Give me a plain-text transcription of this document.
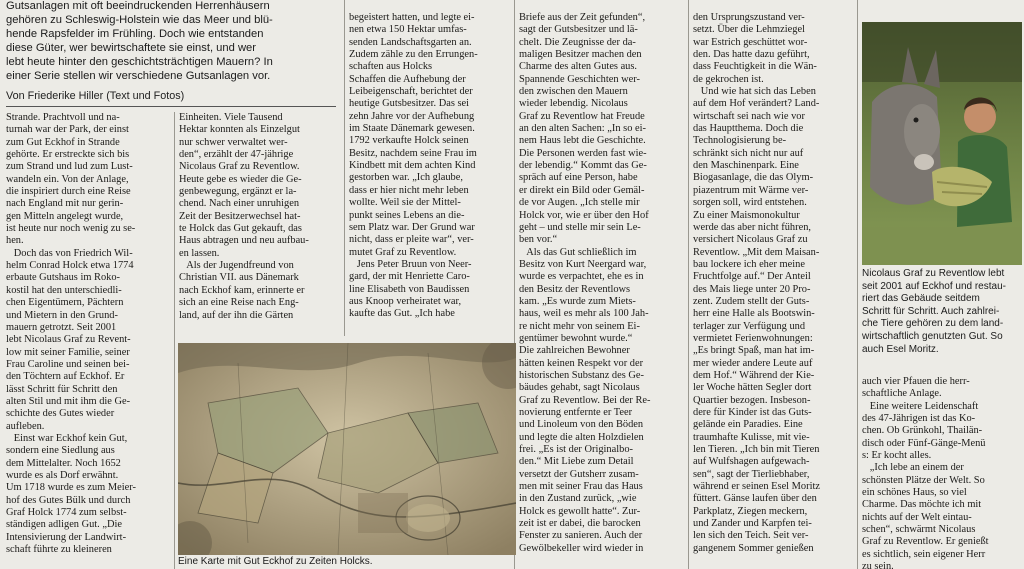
Gutsanlagen mit oft beeindruckenden Herrenhäusern
gehören zu Schleswig-Holstein wie das Meer und blü-
hende Rapsfelder im Frühling. Doch wie entstanden
diese Güter, wer bewirtschaftete sie einst, und wer
lebt heute hinter den geschichtsträchtigen Mauern? In
einer Serie stellen wir verschiedene Gutsanlagen vor.
Von Friederike Hiller (Text und Fotos)
Strande. Prachtvoll und na-
turnah war der Park, der einst
zum Gut Eckhof in Strande
gehörte. Er erstreckte sich bis
zum Strand und lud zum Lust-
wandeln ein. Von der Anlage,
die inspiriert durch eine Reise
nach England mit nur gerin-
gen Mitteln angelegt wurde,
ist heute nur noch wenig zu se-
hen.
Doch das von Friedrich Wil-
helm Conrad Holck etwa 1774
erbaute Gutshaus im Roko-
kostil hat den unterschiedli-
chen Eigentümern, Pächtern
und Mietern in den Grund-
mauern getrotzt. Seit 2001
lebt Nicolaus Graf zu Revent-
low mit seiner Familie, seiner
Frau Caroline und seinen bei-
den Töchtern auf Eckhof. Er
lässt Schritt für Schritt den
alten Stil und mit ihm die Ge-
schichte des Gutes wieder
aufleben.
Einst war Eckhof kein Gut,
sondern eine Siedlung aus
dem Mittelalter. Noch 1652
wurde es als Dorf erwähnt.
Um 1718 wurde es zum Meier-
hof des Gutes Bülk und durch
Graf Holck 1774 zum selbst-
ständigen adligen Gut. „Die
Intensivierung der Landwirt-
schaft führte zu kleineren
Einheiten. Viele Tausend
Hektar konnten als Einzelgut
nur schwer verwaltet wer-
den“, erzählt der 47-jährige
Nicolaus Graf zu Reventlow.
Heute gebe es wieder die Ge-
genbewegung, ergänzt er la-
chend. Nach einer unruhigen
Zeit der Besitzerwechsel hat-
te Holck das Gut gekauft, das
Haus abtragen und neu aufbau-
en lassen.
Als der Jugendfreund von
Christian VII. aus Dänemark
nach Eckhof kam, erinnerte er
sich an eine Reise nach Eng-
land, auf der ihn die Gärten
begeistert hatten, und legte ei-
nen etwa 150 Hektar umfas-
senden Landschaftsgarten an.
Zudem zähle zu den Errungen-
schaften aus Holcks
Schaffen die Aufhebung der
Leibeigenschaft, berichtet der
heutige Gutsbesitzer. Das sei
zehn Jahre vor der Aufhebung
im Staate Dänemark gewesen.
1792 verkaufte Holck seinen
Besitz, nachdem seine Frau im
Kindbett mit dem achten Kind
gestorben war. „Ich glaube,
dass er hier nicht mehr leben
wollte. Weil sie der Mittel-
punkt seines Lebens an die-
sem Platz war. Der Grund war
nicht, dass er pleite war“, ver-
mutet Graf zu Reventlow.
Jens Peter Bruun von Neer-
gard, der mit Henriette Caro-
line Elisabeth von Baudissen
aus Knoop verheiratet war,
kaufte das Gut. „Ich habe
Briefe aus der Zeit gefunden“,
sagt der Gutsbesitzer und lä-
chelt. Die Zeugnisse der da-
maligen Besitzer machen den
Charme des alten Gutes aus.
Spannende Geschichten wer-
den zwischen den Mauern
wieder lebendig. Nicolaus
Graf zu Reventlow hat Freude
an den alten Sachen: „In so ei-
nem Haus lebt die Geschichte.
Die Personen werden fast wie-
der lebendig.“ Kommt das Ge-
spräch auf eine Person, habe
er direkt ein Bild oder Gemäl-
de vor Augen. „Ich stelle mir
Holck vor, wie er über den Hof
geht – und stelle mir sein Le-
ben vor.“
Als das Gut schließlich im
Besitz von Kurt Neergard war,
wurde es verpachtet, ehe es in
den Besitz der Reventlows
kam. „Es wurde zum Miets-
haus, weil es mehr als 100 Jah-
re nicht mehr von seinem Ei-
gentümer bewohnt wurde.“
Die zahlreichen Bewohner
hätten keinen Respekt vor der
historischen Substanz des Ge-
bäudes gehabt, sagt Nicolaus
Graf zu Reventlow. Bei der Re-
novierung entfernte er Teer
und Linoleum von den Böden
und legte die alten Holzdielen
frei. „Es ist der Originalbo-
den.“ Mit Liebe zum Detail
versetzt der Gutsherr zusam-
men mit seiner Frau das Haus
in den Zustand zurück, „wie
Holck es gewollt hatte“. Zur-
zeit ist er dabei, die barocken
Fenster zu sanieren. Auch der
Gewölbekeller wird wieder in
den Ursprungszustand ver-
setzt. Über die Lehmziegel
war Estrich geschüttet wor-
den. Das hatte dazu geführt,
dass Feuchtigkeit in die Wän-
de gekrochen ist.
Und wie hat sich das Leben
auf dem Hof verändert? Land-
wirtschaft sei nach wie vor
das Hauptthema. Doch die
Technologisierung be-
schränkt sich nicht nur auf
den Maschinenpark. Eine
Biogasanlage, die das Olym-
piazentrum mit Wärme ver-
sorgen soll, wird entstehen.
Zu einer Maismonokultur
werde das aber nicht führen,
versichert Nicolaus Graf zu
Reventlow. „Mit dem Maisan-
bau lockere ich eher meine
Fruchtfolge auf.“ Der Anteil
des Mais liege unter 20 Pro-
zent. Zudem stellt der Guts-
herr eine Halle als Bootswin-
terlager zur Verfügung und
vermietet Ferienwohnungen:
„Es bringt Spaß, man hat im-
mer wieder andere Leute auf
dem Hof.“ Während der Kie-
ler Woche hätten Segler dort
Quartier bezogen. Insbeson-
dere für Kinder ist das Guts-
gelände ein Paradies. Eine
traumhafte Kulisse, mit vie-
len Tieren. „Ich bin mit Tieren
auf Wulfshagen aufgewach-
sen“, sagt der Tierliebhaber,
während er seinen Esel Moritz
füttert. Gänse laufen über den
Parkplatz, Ziegen meckern,
und Zander und Karpfen tei-
len sich den Teich. Seit ver-
gangenem Sommer genießen
auch vier Pfauen die herr-
schaftliche Anlage.
Eine weitere Leidenschaft
des 47-Jährigen ist das Ko-
chen. Ob Grünkohl, Thailän-
disch oder Fünf-Gänge-Menü
s: Er kocht alles.
„Ich lebe an einem der
schönsten Plätze der Welt. So
ein schönes Haus, so viel
Charme. Das möchte ich mit
nichts auf der Welt eintau-
schen“, schwärmt Nicolaus
Graf zu Reventlow. Er genießt
es sichtlich, sein eigener Herr
zu sein.
Eine Karte mit Gut Eckhof zu Zeiten Holcks.
Nicolaus Graf zu Reventlow lebt
seit 2001 auf Eckhof und restau-
riert das Gebäude seitdem
Schritt für Schritt. Auch zahlrei-
che Tiere gehören zu dem land-
wirtschaftlich genutzten Gut. So
auch Esel Moritz.
